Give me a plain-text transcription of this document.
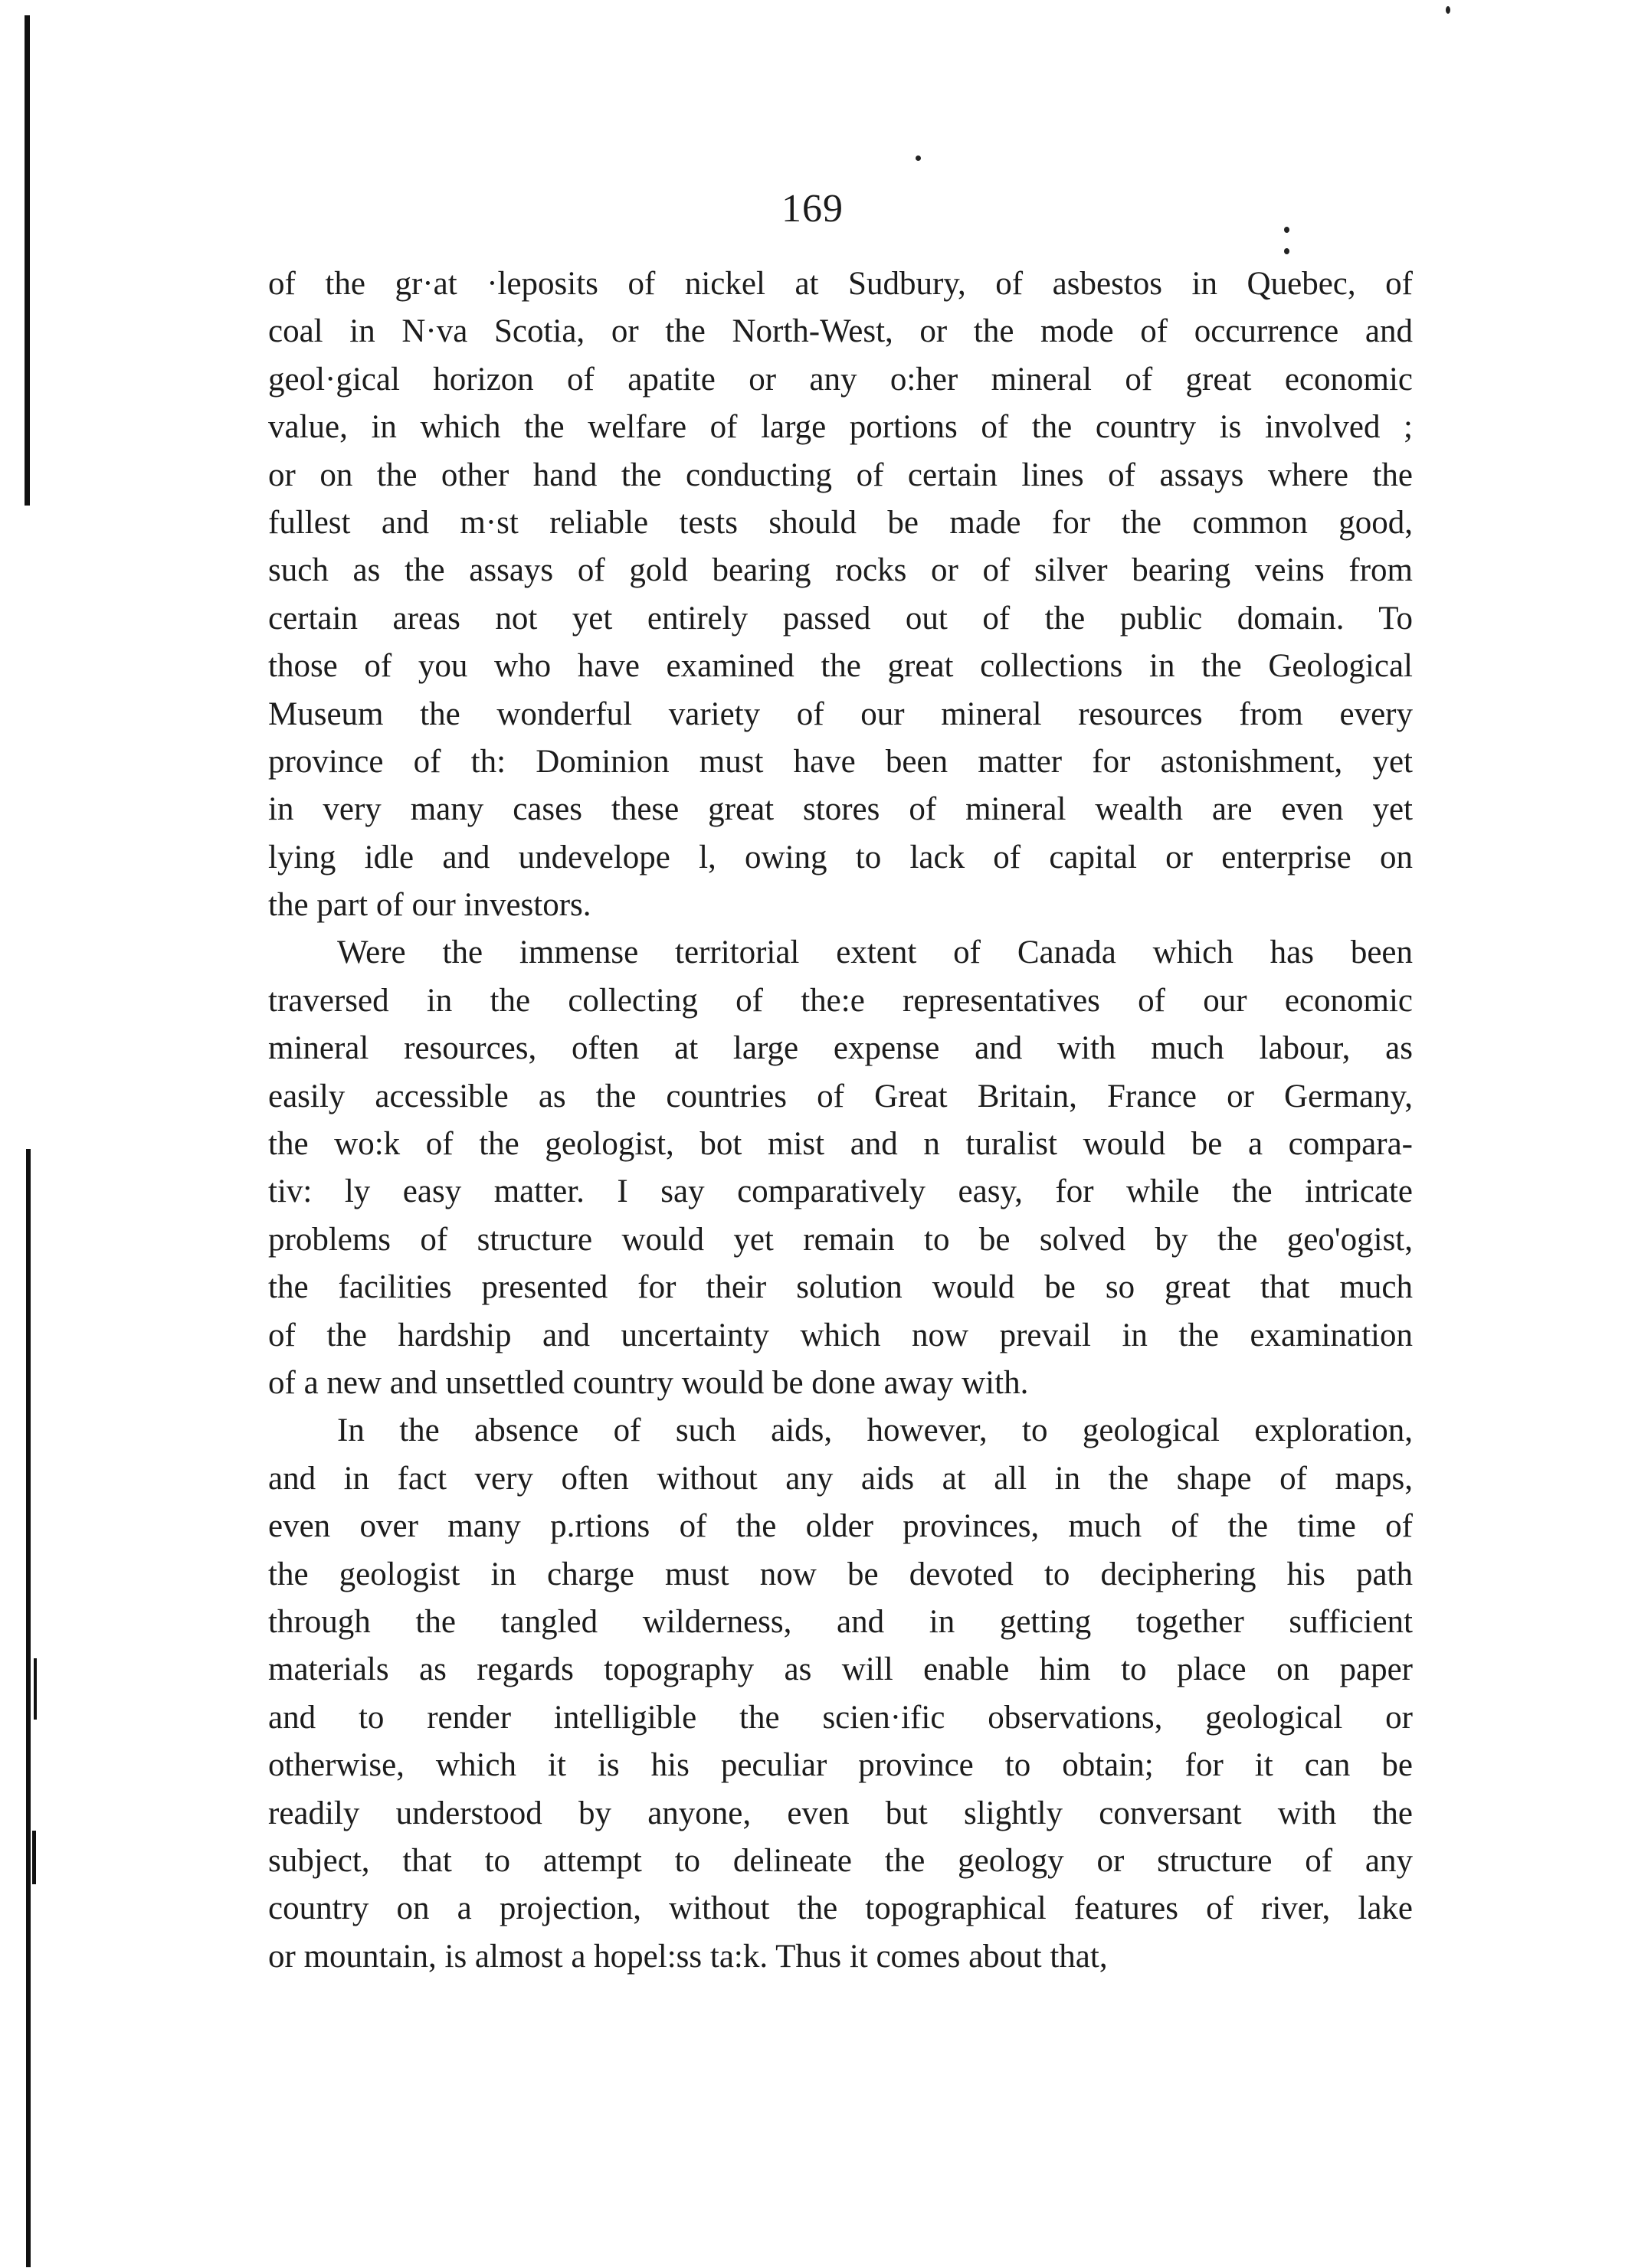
169
of the gr·at ·leposits of nickel at Sudbury, of asbestos in Quebec, of
coal in N·va Scotia, or the North-West, or the mode of occurrence and
geol·gical horizon of apatite or any o:her mineral of great economic
value, in which the welfare of large portions of the country is involved ;
or on the other hand the conducting of certain lines of assays where the
fullest and m·st reliable tests should be made for the common good,
such as the assays of gold bearing rocks or of silver bearing veins from
certain areas not yet entirely passed out of the public domain. To
those of you who have examined the great collections in the Geological
Museum the wonderful variety of our mineral resources from every
province of th: Dominion must have been matter for astonishment, yet
in very many cases these great stores of mineral wealth are even yet
lying idle and undevelope l, owing to lack of capital or enterprise on
the part of our investors.
Were the immense territorial extent of Canada which has been
traversed in the collecting of the:e representatives of our economic
mineral resources, often at large expense and with much labour, as
easily accessible as the countries of Great Britain, France or Germany,
the wo:k of the geologist, bot mist and n turalist would be a compara-
tiv: ly easy matter. I say comparatively easy, for while the intricate
problems of structure would yet remain to be solved by the geo'ogist,
the facilities presented for their solution would be so great that much
of the hardship and uncertainty which now prevail in the examination
of a new and unsettled country would be done away with.
In the absence of such aids, however, to geological exploration,
and in fact very often without any aids at all in the shape of maps,
even over many p.rtions of the older provinces, much of the time of
the geologist in charge must now be devoted to deciphering his path
through the tangled wilderness, and in getting together sufficient
materials as regards topography as will enable him to place on paper
and to render intelligible the scien·ific observations, geological or
otherwise, which it is his peculiar province to obtain; for it can be
readily understood by anyone, even but slightly conversant with the
subject, that to attempt to delineate the geology or structure of any
country on a projection, without the topographical features of river, lake
or mountain, is almost a hopel:ss ta:k. Thus it comes about that,
